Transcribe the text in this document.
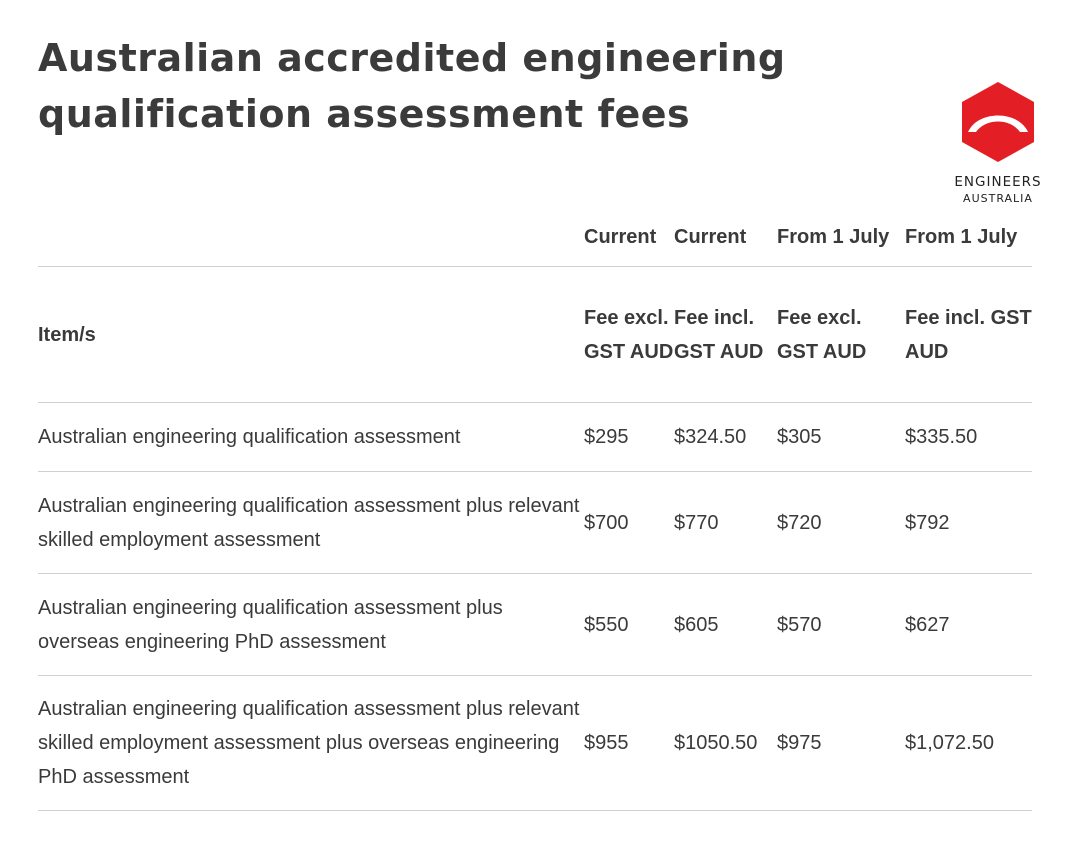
Australian accredited engineering qualification assessment fees
ENGINEERS
AUSTRALIA
	Current	Current	From 1 July	From 1 July
Item/s	Fee excl. GST AUD	Fee incl. GST AUD	Fee excl. GST AUD	Fee incl. GST AUD
Australian engineering qualification assessment	$295	$324.50	$305	$335.50
Australian engineering qualification assessment plus relevant skilled employment assessment	$700	$770	$720	$792
Australian engineering qualification assessment plus overseas engineering PhD assessment	$550	$605	$570	$627
Australian engineering qualification assessment plus relevant skilled employment assessment plus overseas engineering PhD assessment	$955	$1050.50	$975	$1,072.50
